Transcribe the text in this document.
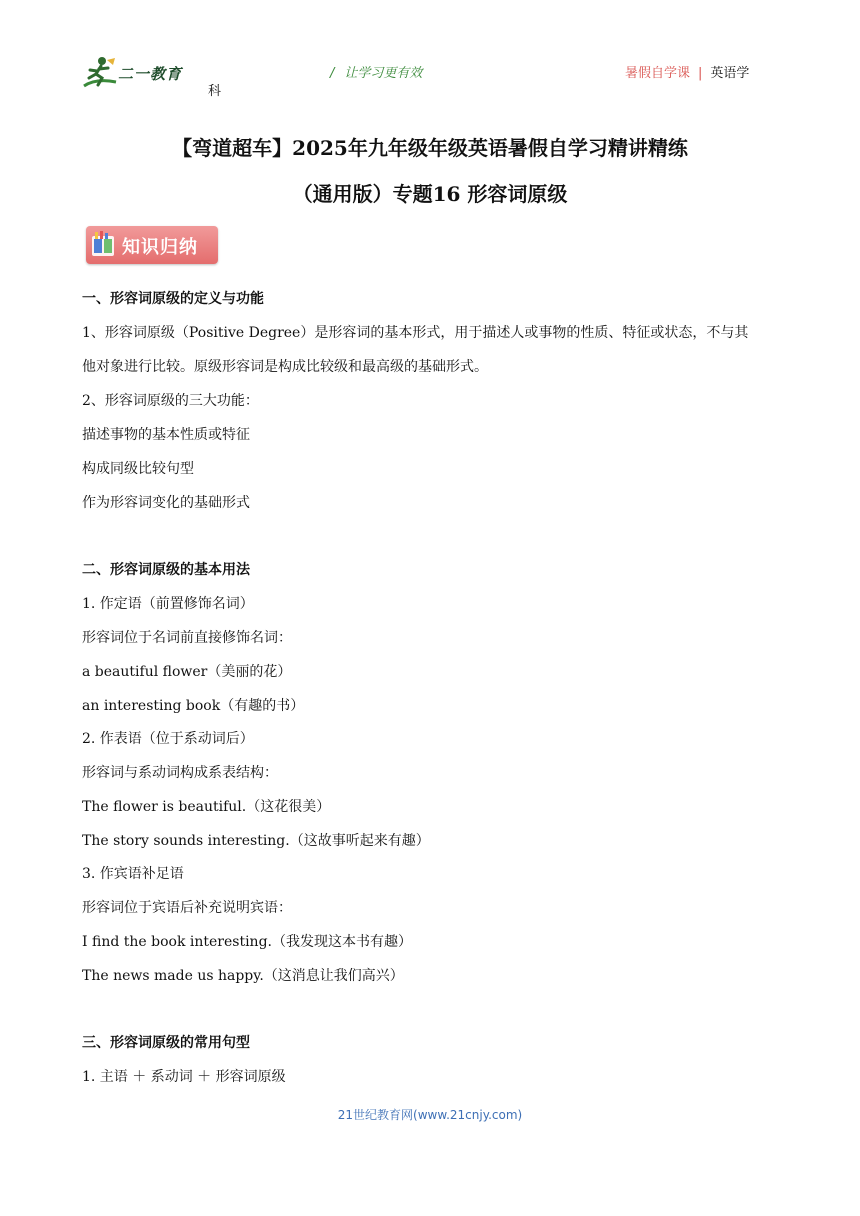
二一教育
科
/ 让学习更有效	暑假自学课 | 英语学
【弯道超车】2025年九年级年级英语暑假自学习精讲精练
（通用版）专题16 形容词原级
知识归纳
一、形容词原级的定义与功能
1、形容词原级（Positive Degree）是形容词的基本形式，用于描述人或事物的性质、特征或状态，不与其
他对象进行比较。原级形容词是构成比较级和最高级的基础形式。
2、形容词原级的三大功能：
描述事物的基本性质或特征
构成同级比较句型
作为形容词变化的基础形式
二、形容词原级的基本用法
1. 作定语（前置修饰名词）
形容词位于名词前直接修饰名词：
a beautiful flower（美丽的花）
an interesting book（有趣的书）
2. 作表语（位于系动词后）
形容词与系动词构成系表结构：
The flower is beautiful.（这花很美）
The story sounds interesting.（这故事听起来有趣）
3. 作宾语补足语
形容词位于宾语后补充说明宾语：
I find the book interesting.（我发现这本书有趣）
The news made us happy.（这消息让我们高兴）
三、形容词原级的常用句型
1. 主语 ＋ 系动词 ＋ 形容词原级
21世纪教育网(www.21cnjy.com)
